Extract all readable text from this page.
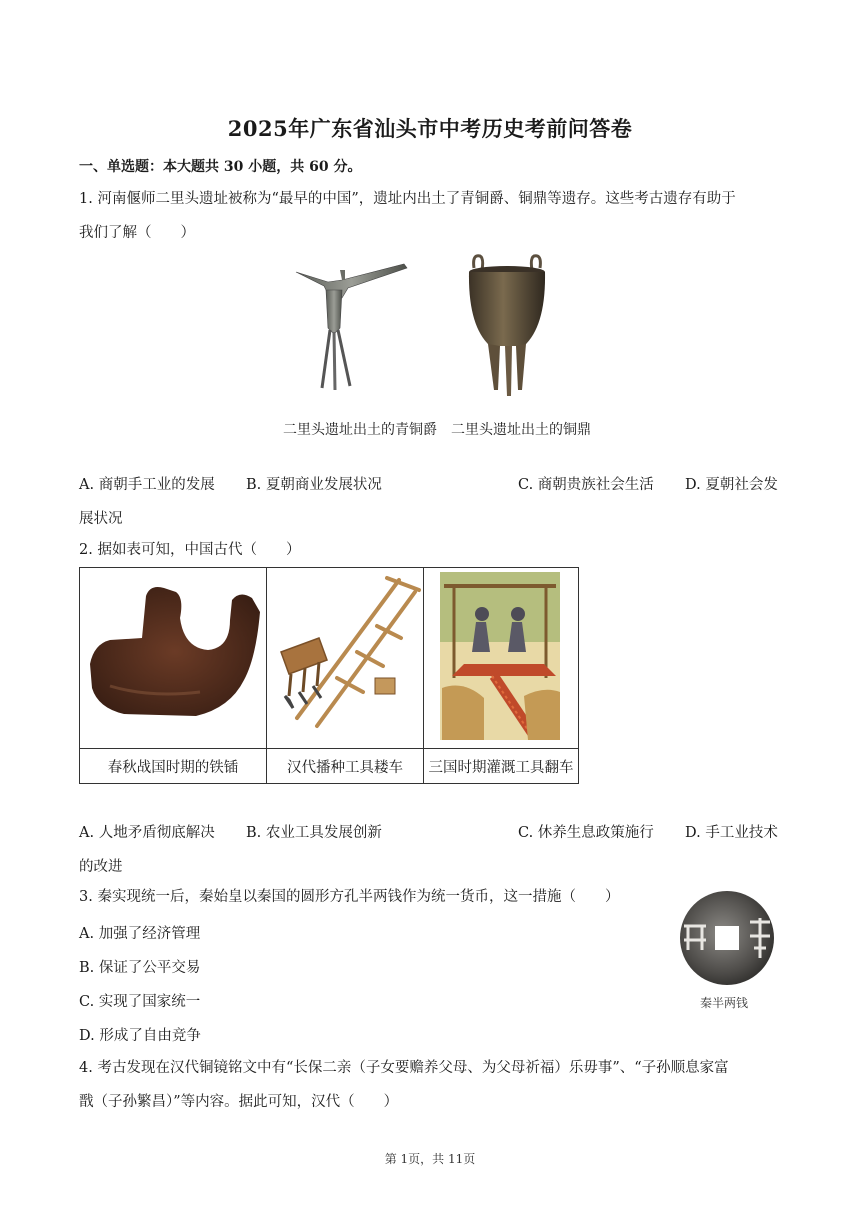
2025年广东省汕头市中考历史考前问答卷
一、单选题：本大题共 30 小题，共 60 分。
1. 河南偃师二里头遗址被称为“最早的中国”，遗址内出土了青铜爵、铜鼎等遗存。这些考古遗存有助于
我们了解（　　）
二里头遗址出土的青铜爵 二里头遗址出土的铜鼎
A. 商朝手工业的发展 B. 夏朝商业发展状况	C. 商朝贵族社会生活 D. 夏朝社会发
展状况
2. 据如表可知，中国古代（　　）

春秋战国时期的铁锸	汉代播种工具耧车	三国时期灌溉工具翻车
A. 人地矛盾彻底解决 B. 农业工具发展创新	C. 休养生息政策施行 D. 手工业技术
的改进
3. 秦实现统一后，秦始皇以秦国的圆形方孔半两钱作为统一货币，这一措施（　　）
A. 加强了经济管理
B. 保证了公平交易
C. 实现了国家统一
D. 形成了自由竞争
秦半两钱
4. 考古发现在汉代铜镜铭文中有“长保二亲（子女要赡养父母、为父母祈福）乐毋事”、“子孙顺息家富
戬（子孙繁昌）”等内容。据此可知，汉代（　　）
第 1页，共 11页
